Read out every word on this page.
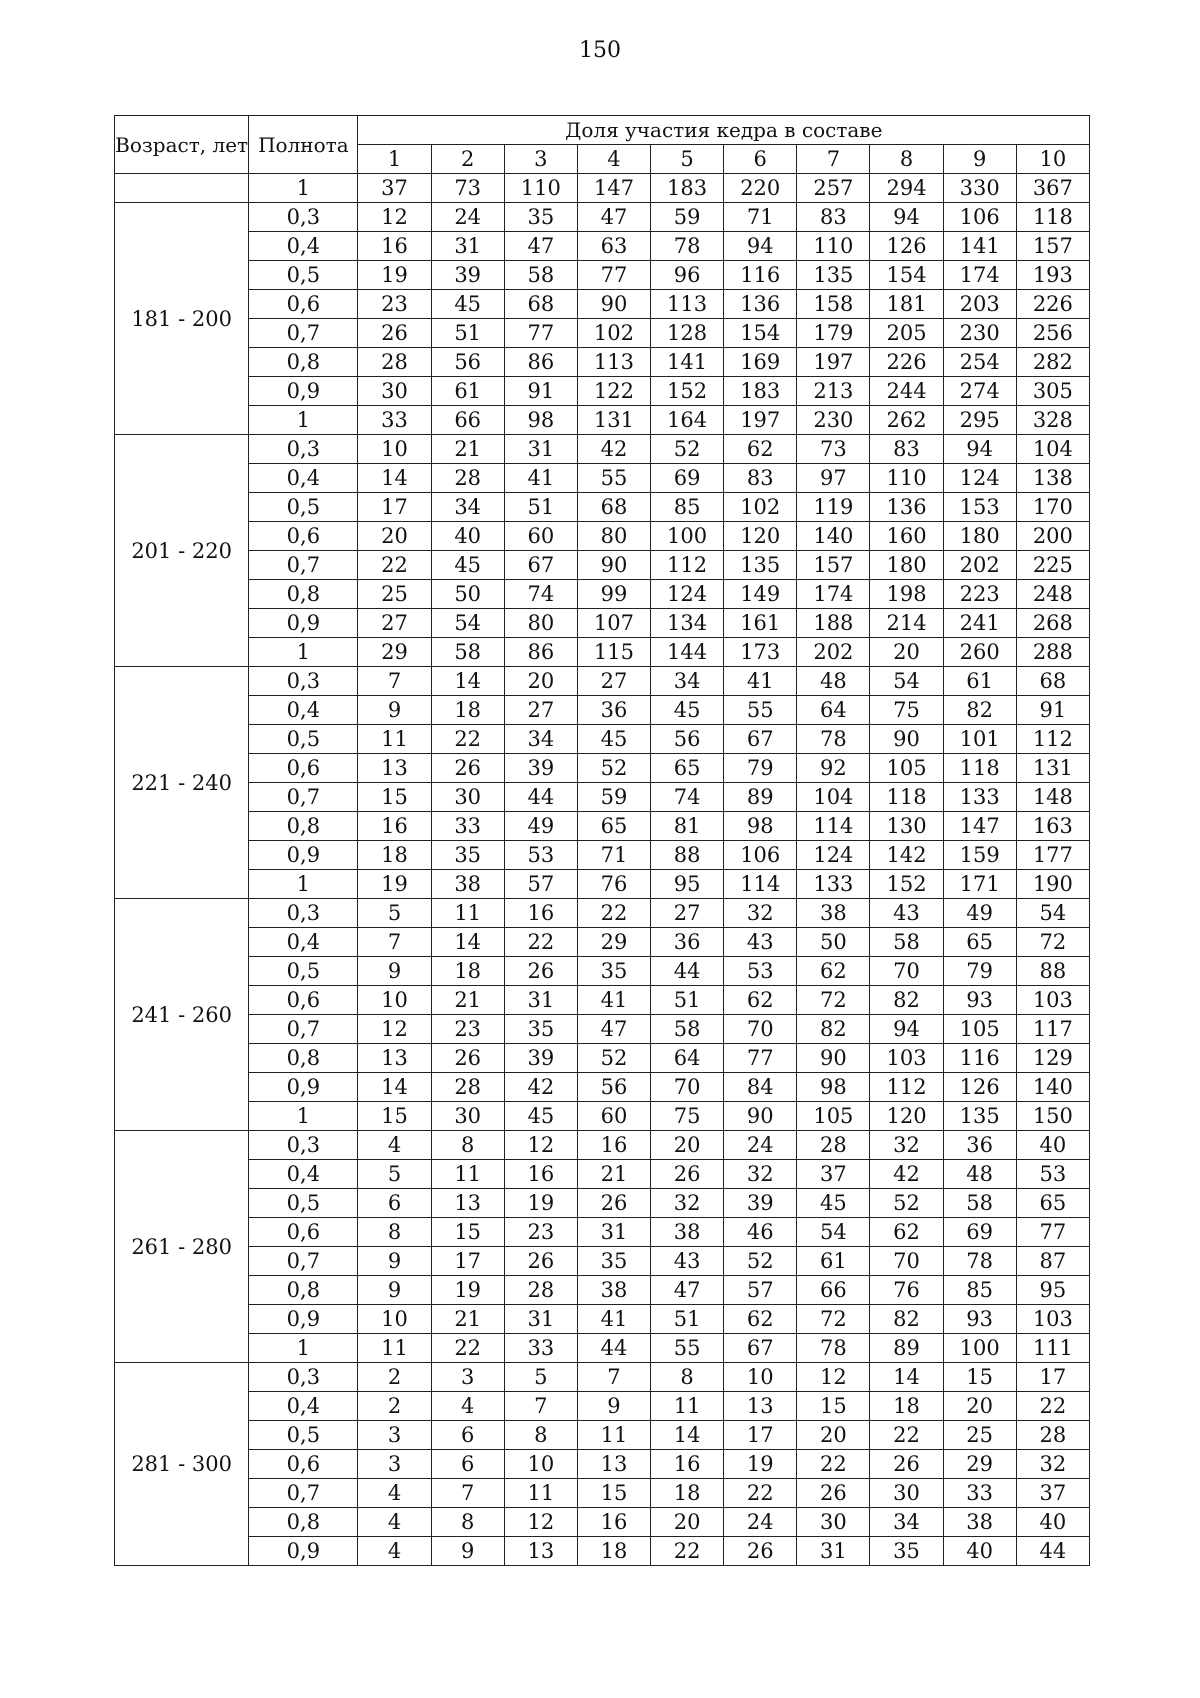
150
Возраст, лет	Полнота	Доля участия кедра в составе									
		1	2	3	4	5	6	7	8	9	10
	1	37	73	110	147	183	220	257	294	330	367
181 - 200	0,3	12	24	35	47	59	71	83	94	106	118
	0,4	16	31	47	63	78	94	110	126	141	157
	0,5	19	39	58	77	96	116	135	154	174	193
	0,6	23	45	68	90	113	136	158	181	203	226
	0,7	26	51	77	102	128	154	179	205	230	256
	0,8	28	56	86	113	141	169	197	226	254	282
	0,9	30	61	91	122	152	183	213	244	274	305
	1	33	66	98	131	164	197	230	262	295	328
201 - 220	0,3	10	21	31	42	52	62	73	83	94	104
	0,4	14	28	41	55	69	83	97	110	124	138
	0,5	17	34	51	68	85	102	119	136	153	170
	0,6	20	40	60	80	100	120	140	160	180	200
	0,7	22	45	67	90	112	135	157	180	202	225
	0,8	25	50	74	99	124	149	174	198	223	248
	0,9	27	54	80	107	134	161	188	214	241	268
	1	29	58	86	115	144	173	202	20	260	288
221 - 240	0,3	7	14	20	27	34	41	48	54	61	68
	0,4	9	18	27	36	45	55	64	75	82	91
	0,5	11	22	34	45	56	67	78	90	101	112
	0,6	13	26	39	52	65	79	92	105	118	131
	0,7	15	30	44	59	74	89	104	118	133	148
	0,8	16	33	49	65	81	98	114	130	147	163
	0,9	18	35	53	71	88	106	124	142	159	177
	1	19	38	57	76	95	114	133	152	171	190
241 - 260	0,3	5	11	16	22	27	32	38	43	49	54
	0,4	7	14	22	29	36	43	50	58	65	72
	0,5	9	18	26	35	44	53	62	70	79	88
	0,6	10	21	31	41	51	62	72	82	93	103
	0,7	12	23	35	47	58	70	82	94	105	117
	0,8	13	26	39	52	64	77	90	103	116	129
	0,9	14	28	42	56	70	84	98	112	126	140
	1	15	30	45	60	75	90	105	120	135	150
261 - 280	0,3	4	8	12	16	20	24	28	32	36	40
	0,4	5	11	16	21	26	32	37	42	48	53
	0,5	6	13	19	26	32	39	45	52	58	65
	0,6	8	15	23	31	38	46	54	62	69	77
	0,7	9	17	26	35	43	52	61	70	78	87
	0,8	9	19	28	38	47	57	66	76	85	95
	0,9	10	21	31	41	51	62	72	82	93	103
	1	11	22	33	44	55	67	78	89	100	111
281 - 300	0,3	2	3	5	7	8	10	12	14	15	17
	0,4	2	4	7	9	11	13	15	18	20	22
	0,5	3	6	8	11	14	17	20	22	25	28
	0,6	3	6	10	13	16	19	22	26	29	32
	0,7	4	7	11	15	18	22	26	30	33	37
	0,8	4	8	12	16	20	24	30	34	38	40
	0,9	4	9	13	18	22	26	31	35	40	44
